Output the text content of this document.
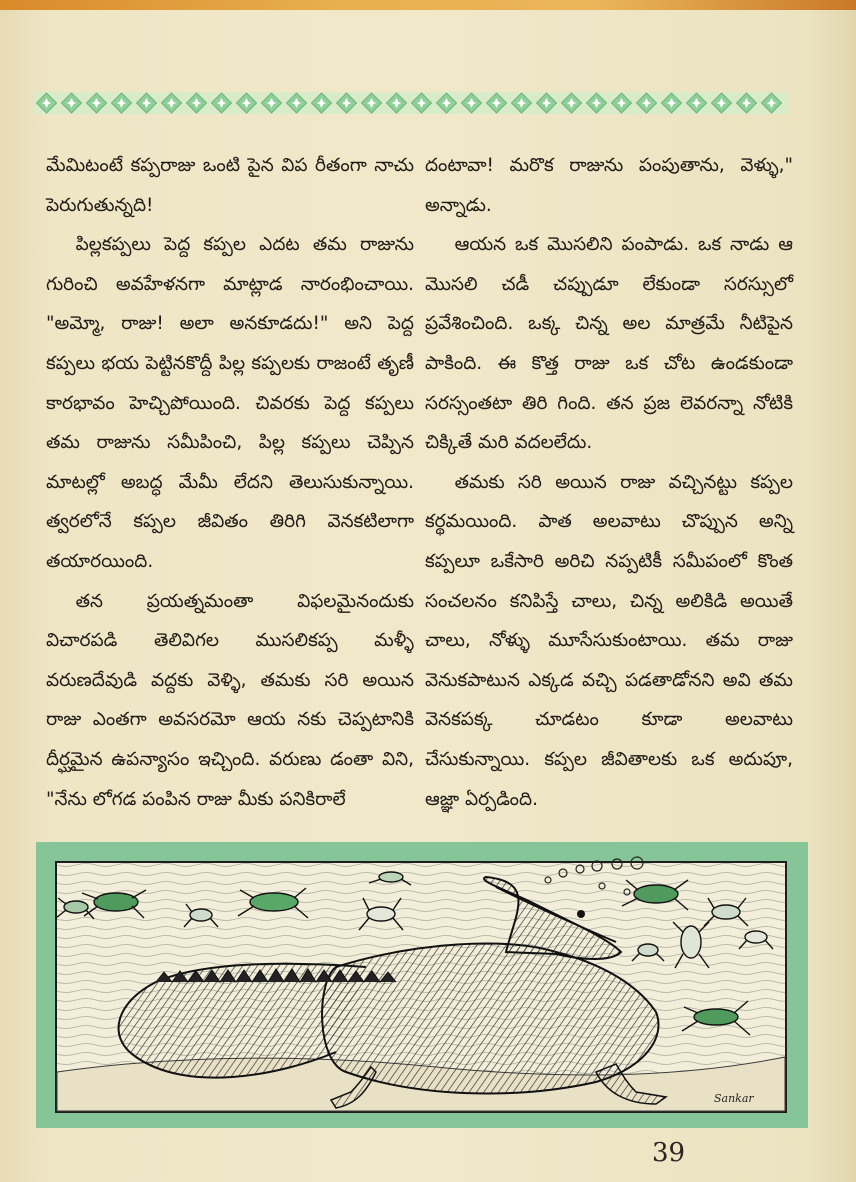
మేమిటంటే కప్పరాజు ఒంటి పైన విప రీతంగా నాచు పెరుగుతున్నది!

పిల్లకప్పలు పెద్ద కప్పల ఎదట తమ రాజును గురించి అవహేళనగా మాట్లాడ నారంభించాయి. "అమ్మో, రాజు! అలా అనకూడదు!" అని పెద్ద కప్పలు భయ పెట్టినకొద్దీ పిల్ల కప్పలకు రాజంటే తృణీ కారభావం హెచ్చిపోయింది. చివరకు పెద్ద కప్పలు తమ రాజును సమీపించి, పిల్ల కప్పలు చెప్పిన మాటల్లో అబద్ధ మేమీ లేదని తెలుసుకున్నాయి. త్వరలోనే కప్పల జీవితం తిరిగి వెనకటిలాగా తయారయింది.

తన ప్రయత్నమంతా విఫలమైనందుకు విచారపడి తెలివిగల ముసలికప్ప మళ్ళీ వరుణదేవుడి వద్దకు వెళ్ళి, తమకు సరి అయిన రాజు ఎంతగా అవసరమో ఆయ నకు చెప్పటానికి దీర్ఘమైన ఉపన్యాసం ఇచ్చింది. వరుణు డంతా విని, "నేను లోగడ పంపిన రాజు మీకు పనికిరాలే

దంటావా! మరొక రాజును పంపుతాను, వెళ్ళు," అన్నాడు.

ఆయన ఒక మొసలిని పంపాడు. ఒక నాడు ఆ మొసలి చడీ చప్పుడూ లేకుండా సరస్సులో ప్రవేశించింది. ఒక్క చిన్న అల మాత్రమే నీటిపైన పాకింది. ఈ కొత్త రాజు ఒక చోట ఉండకుండా సరస్సంతటా తిరి గింది. తన ప్రజ లెవరన్నా నోటికి చిక్కితే మరి వదలలేదు.

తమకు సరి అయిన రాజు వచ్చినట్టు కప్పల కర్థమయింది. పాత అలవాటు చొప్పున అన్ని కప్పలూ ఒకేసారి అరిచి నప్పటికీ సమీపంలో కొంత సంచలనం కనిపిస్తే చాలు, చిన్న అలికిడి అయితే చాలు, నోళ్ళు మూసేసుకుంటాయి. తమ రాజు వెనుకపాటున ఎక్కడ వచ్చి పడతాడోనని అవి తమ వెనకపక్క చూడటం కూడా అలవాటు చేసుకున్నాయి. కప్పల జీవితాలకు ఒక అదుపూ, ఆజ్ఞా ఏర్పడింది.

Sankar
39
